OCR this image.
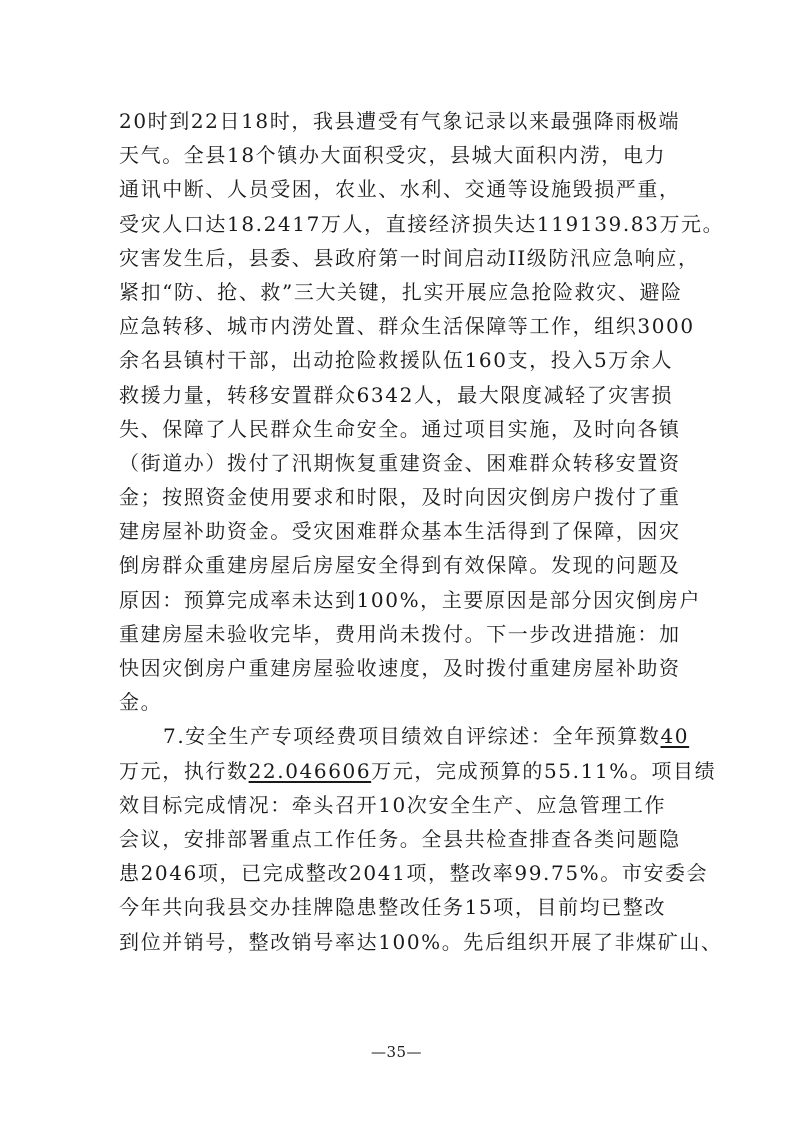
20时到22日18时，我县遭受有气象记录以来最强降雨极端
天气。全县18个镇办大面积受灾，县城大面积内涝，电力
通讯中断、人员受困，农业、水利、交通等设施毁损严重，
受灾人口达18.2417万人，直接经济损失达119139.83万元。
灾害发生后，县委、县政府第一时间启动II级防汛应急响应，
紧扣“防、抢、救”三大关键，扎实开展应急抢险救灾、避险
应急转移、城市内涝处置、群众生活保障等工作，组织3000
余名县镇村干部，出动抢险救援队伍160支，投入5万余人
救援力量，转移安置群众6342人，最大限度减轻了灾害损
失、保障了人民群众生命安全。通过项目实施，及时向各镇
（街道办）拨付了汛期恢复重建资金、困难群众转移安置资
金；按照资金使用要求和时限，及时向因灾倒房户拨付了重
建房屋补助资金。受灾困难群众基本生活得到了保障，因灾
倒房群众重建房屋后房屋安全得到有效保障。发现的问题及
原因：预算完成率未达到100%，主要原因是部分因灾倒房户
重建房屋未验收完毕，费用尚未拨付。下一步改进措施：加
快因灾倒房户重建房屋验收速度，及时拨付重建房屋补助资
金。
7.安全生产专项经费项目绩效自评综述：全年预算数40
万元，执行数22.046606万元，完成预算的55.11%。项目绩
效目标完成情况：牵头召开10次安全生产、应急管理工作
会议，安排部署重点工作任务。全县共检查排查各类问题隐
患2046项，已完成整改2041项，整改率99.75%。市安委会
今年共向我县交办挂牌隐患整改任务15项，目前均已整改
到位并销号，整改销号率达100%。先后组织开展了非煤矿山、
—35—
